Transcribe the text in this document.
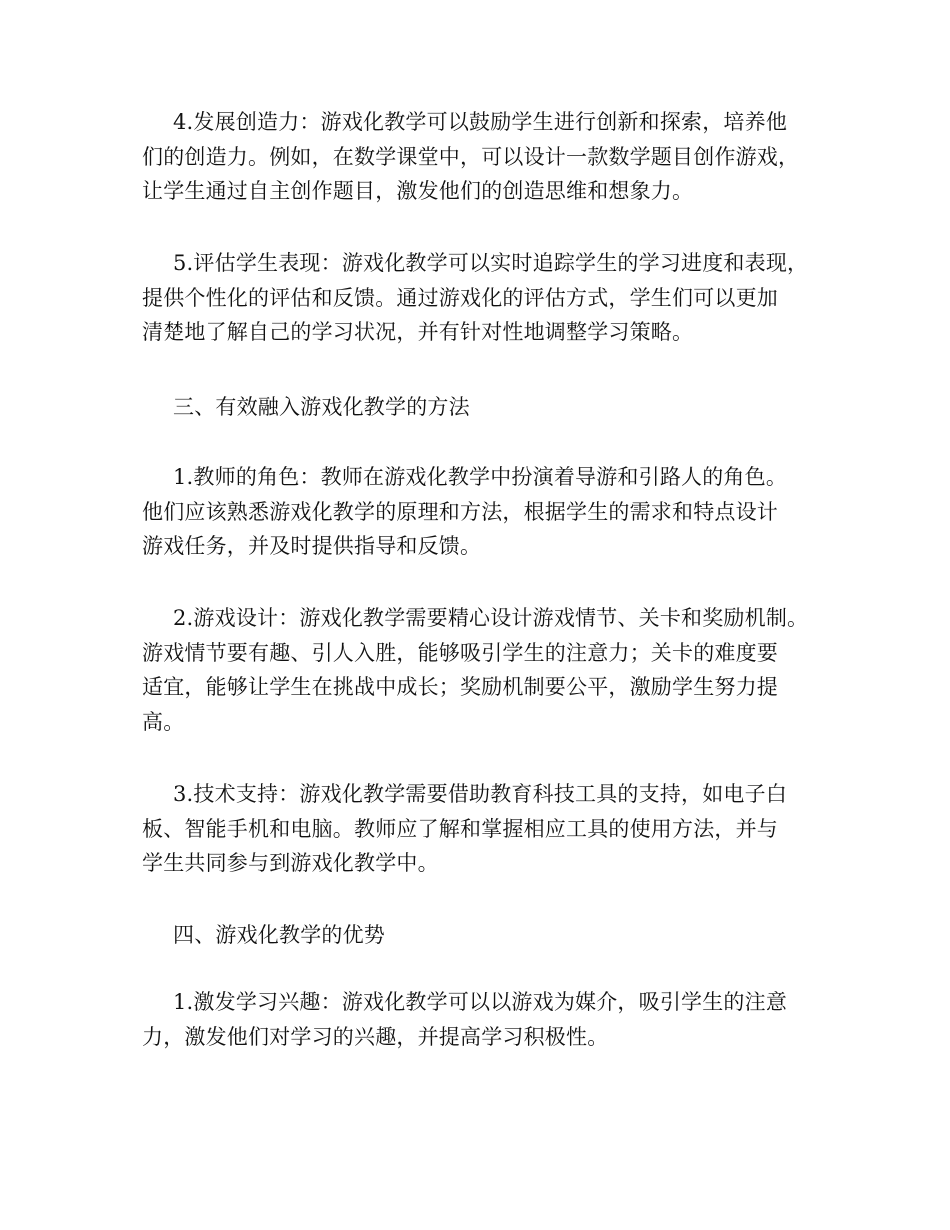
4.发展创造力：游戏化教学可以鼓励学生进行创新和探索，培养他
们的创造力。例如，在数学课堂中，可以设计一款数学题目创作游戏，
让学生通过自主创作题目，激发他们的创造思维和想象力。
5.评估学生表现：游戏化教学可以实时追踪学生的学习进度和表现，
提供个性化的评估和反馈。通过游戏化的评估方式，学生们可以更加
清楚地了解自己的学习状况，并有针对性地调整学习策略。
三、有效融入游戏化教学的方法
1.教师的角色：教师在游戏化教学中扮演着导游和引路人的角色。
他们应该熟悉游戏化教学的原理和方法，根据学生的需求和特点设计
游戏任务，并及时提供指导和反馈。
2.游戏设计：游戏化教学需要精心设计游戏情节、关卡和奖励机制。
游戏情节要有趣、引人入胜，能够吸引学生的注意力；关卡的难度要
适宜，能够让学生在挑战中成长；奖励机制要公平，激励学生努力提
高。
3.技术支持：游戏化教学需要借助教育科技工具的支持，如电子白
板、智能手机和电脑。教师应了解和掌握相应工具的使用方法，并与
学生共同参与到游戏化教学中。
四、游戏化教学的优势
1.激发学习兴趣：游戏化教学可以以游戏为媒介，吸引学生的注意
力，激发他们对学习的兴趣，并提高学习积极性。
